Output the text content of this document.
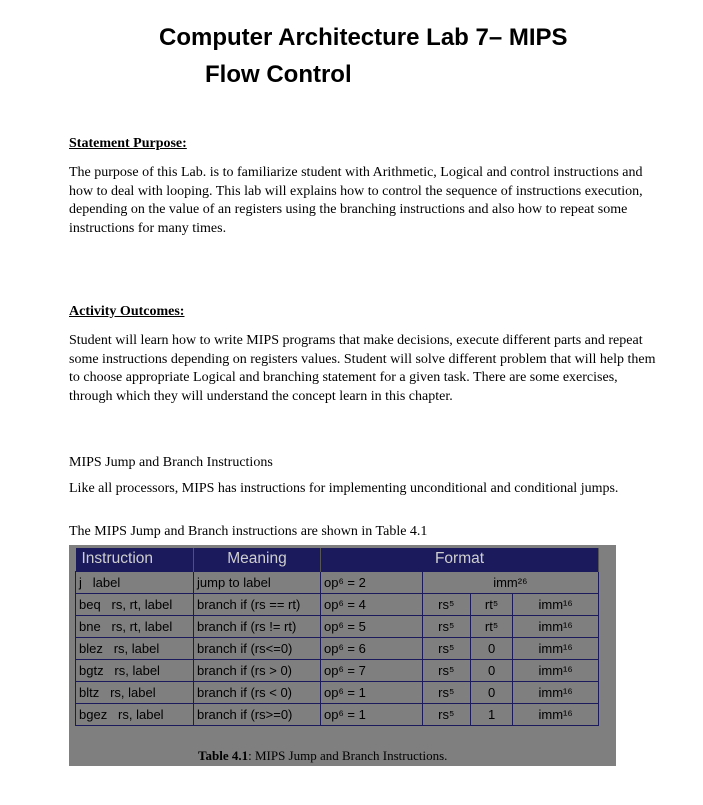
Computer Architecture Lab 7– MIPS
Flow Control
Statement Purpose:
The purpose of this Lab. is to familiarize student with Arithmetic, Logical and control instructions and how to deal with looping. This lab will explains how to control the sequence of instructions execution, depending on the value of an registers using the branching instructions and also how to repeat some instructions for many times.
Activity Outcomes:
Student will learn how to write MIPS programs that make decisions, execute different parts and repeat some instructions depending on registers values. Student will solve different problem that will help them to choose appropriate Logical and branching statement for a given task. There are some exercises, through which they will understand the concept learn in this chapter.
MIPS Jump and Branch Instructions
Like all processors, MIPS has instructions for implementing unconditional and conditional jumps.
The MIPS Jump and Branch instructions are shown in Table 4.1
Instruction	Meaning	Format			
j label	jump to label	op⁶ = 2	imm²⁶		
beq rs, rt, label	branch if (rs == rt)	op⁶ = 4	rs⁵	rt⁵	imm¹⁶
bne rs, rt, label	branch if (rs != rt)	op⁶ = 5	rs⁵	rt⁵	imm¹⁶
blez rs, label	branch if (rs<=0)	op⁶ = 6	rs⁵	0	imm¹⁶
bgtz rs, label	branch if (rs > 0)	op⁶ = 7	rs⁵	0	imm¹⁶
bltz rs, label	branch if (rs < 0)	op⁶ = 1	rs⁵	0	imm¹⁶
bgez rs, label	branch if (rs>=0)	op⁶ = 1	rs⁵	1	imm¹⁶
Table 4.1: MIPS Jump and Branch Instructions.
